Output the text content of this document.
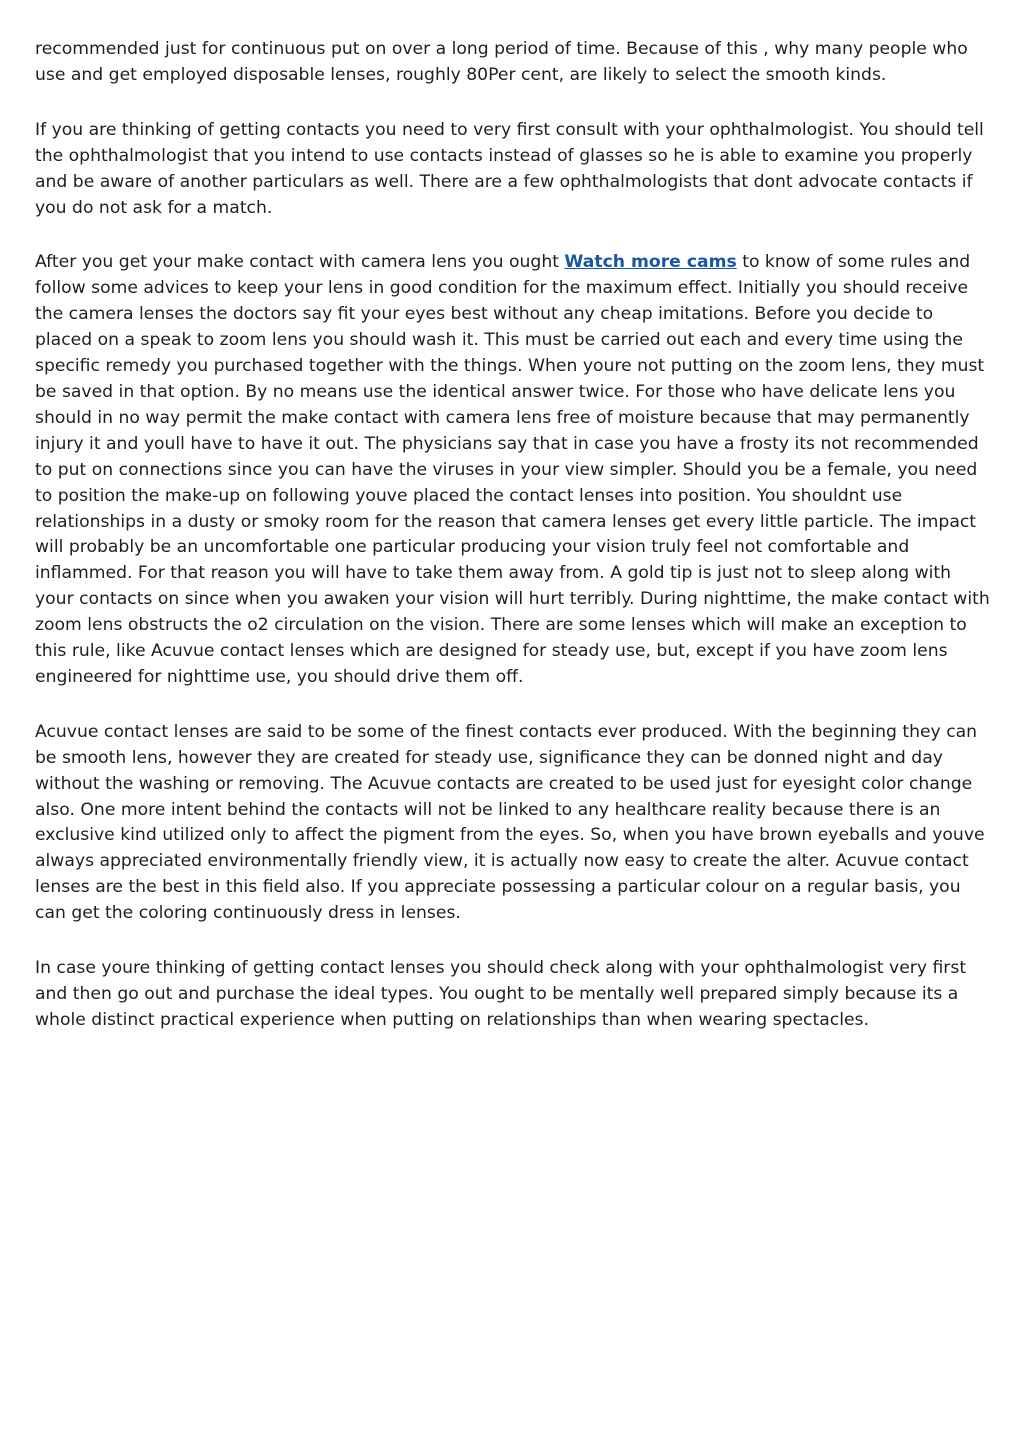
recommended just for continuous put on over a long period of time. Because of this , why many people who use and get employed disposable lenses, roughly 80Per cent, are likely to select the smooth kinds.

If you are thinking of getting contacts you need to very first consult with your ophthalmologist. You should tell the ophthalmologist that you intend to use contacts instead of glasses so he is able to examine you properly and be aware of another particulars as well. There are a few ophthalmologists that dont advocate contacts if you do not ask for a match.

After you get your make contact with camera lens you ought Watch more cams to know of some rules and follow some advices to keep your lens in good condition for the maximum effect. Initially you should receive the camera lenses the doctors say fit your eyes best without any cheap imitations. Before you decide to placed on a speak to zoom lens you should wash it. This must be carried out each and every time using the specific remedy you purchased together with the things. When youre not putting on the zoom lens, they must be saved in that option. By no means use the identical answer twice. For those who have delicate lens you should in no way permit the make contact with camera lens free of moisture because that may permanently injury it and youll have to have it out. The physicians say that in case you have a frosty its not recommended to put on connections since you can have the viruses in your view simpler. Should you be a female, you need to position the make-up on following youve placed the contact lenses into position. You shouldnt use relationships in a dusty or smoky room for the reason that camera lenses get every little particle. The impact will probably be an uncomfortable one particular producing your vision truly feel not comfortable and inflammed. For that reason you will have to take them away from. A gold tip is just not to sleep along with your contacts on since when you awaken your vision will hurt terribly. During nighttime, the make contact with zoom lens obstructs the o2 circulation on the vision. There are some lenses which will make an exception to this rule, like Acuvue contact lenses which are designed for steady use, but, except if you have zoom lens engineered for nighttime use, you should drive them off.

Acuvue contact lenses are said to be some of the finest contacts ever produced. With the beginning they can be smooth lens, however they are created for steady use, significance they can be donned night and day without the washing or removing. The Acuvue contacts are created to be used just for eyesight color change also. One more intent behind the contacts will not be linked to any healthcare reality because there is an exclusive kind utilized only to affect the pigment from the eyes. So, when you have brown eyeballs and youve always appreciated environmentally friendly view, it is actually now easy to create the alter. Acuvue contact lenses are the best in this field also. If you appreciate possessing a particular colour on a regular basis, you can get the coloring continuously dress in lenses.

In case youre thinking of getting contact lenses you should check along with your ophthalmologist very first and then go out and purchase the ideal types. You ought to be mentally well prepared simply because its a whole distinct practical experience when putting on relationships than when wearing spectacles.
